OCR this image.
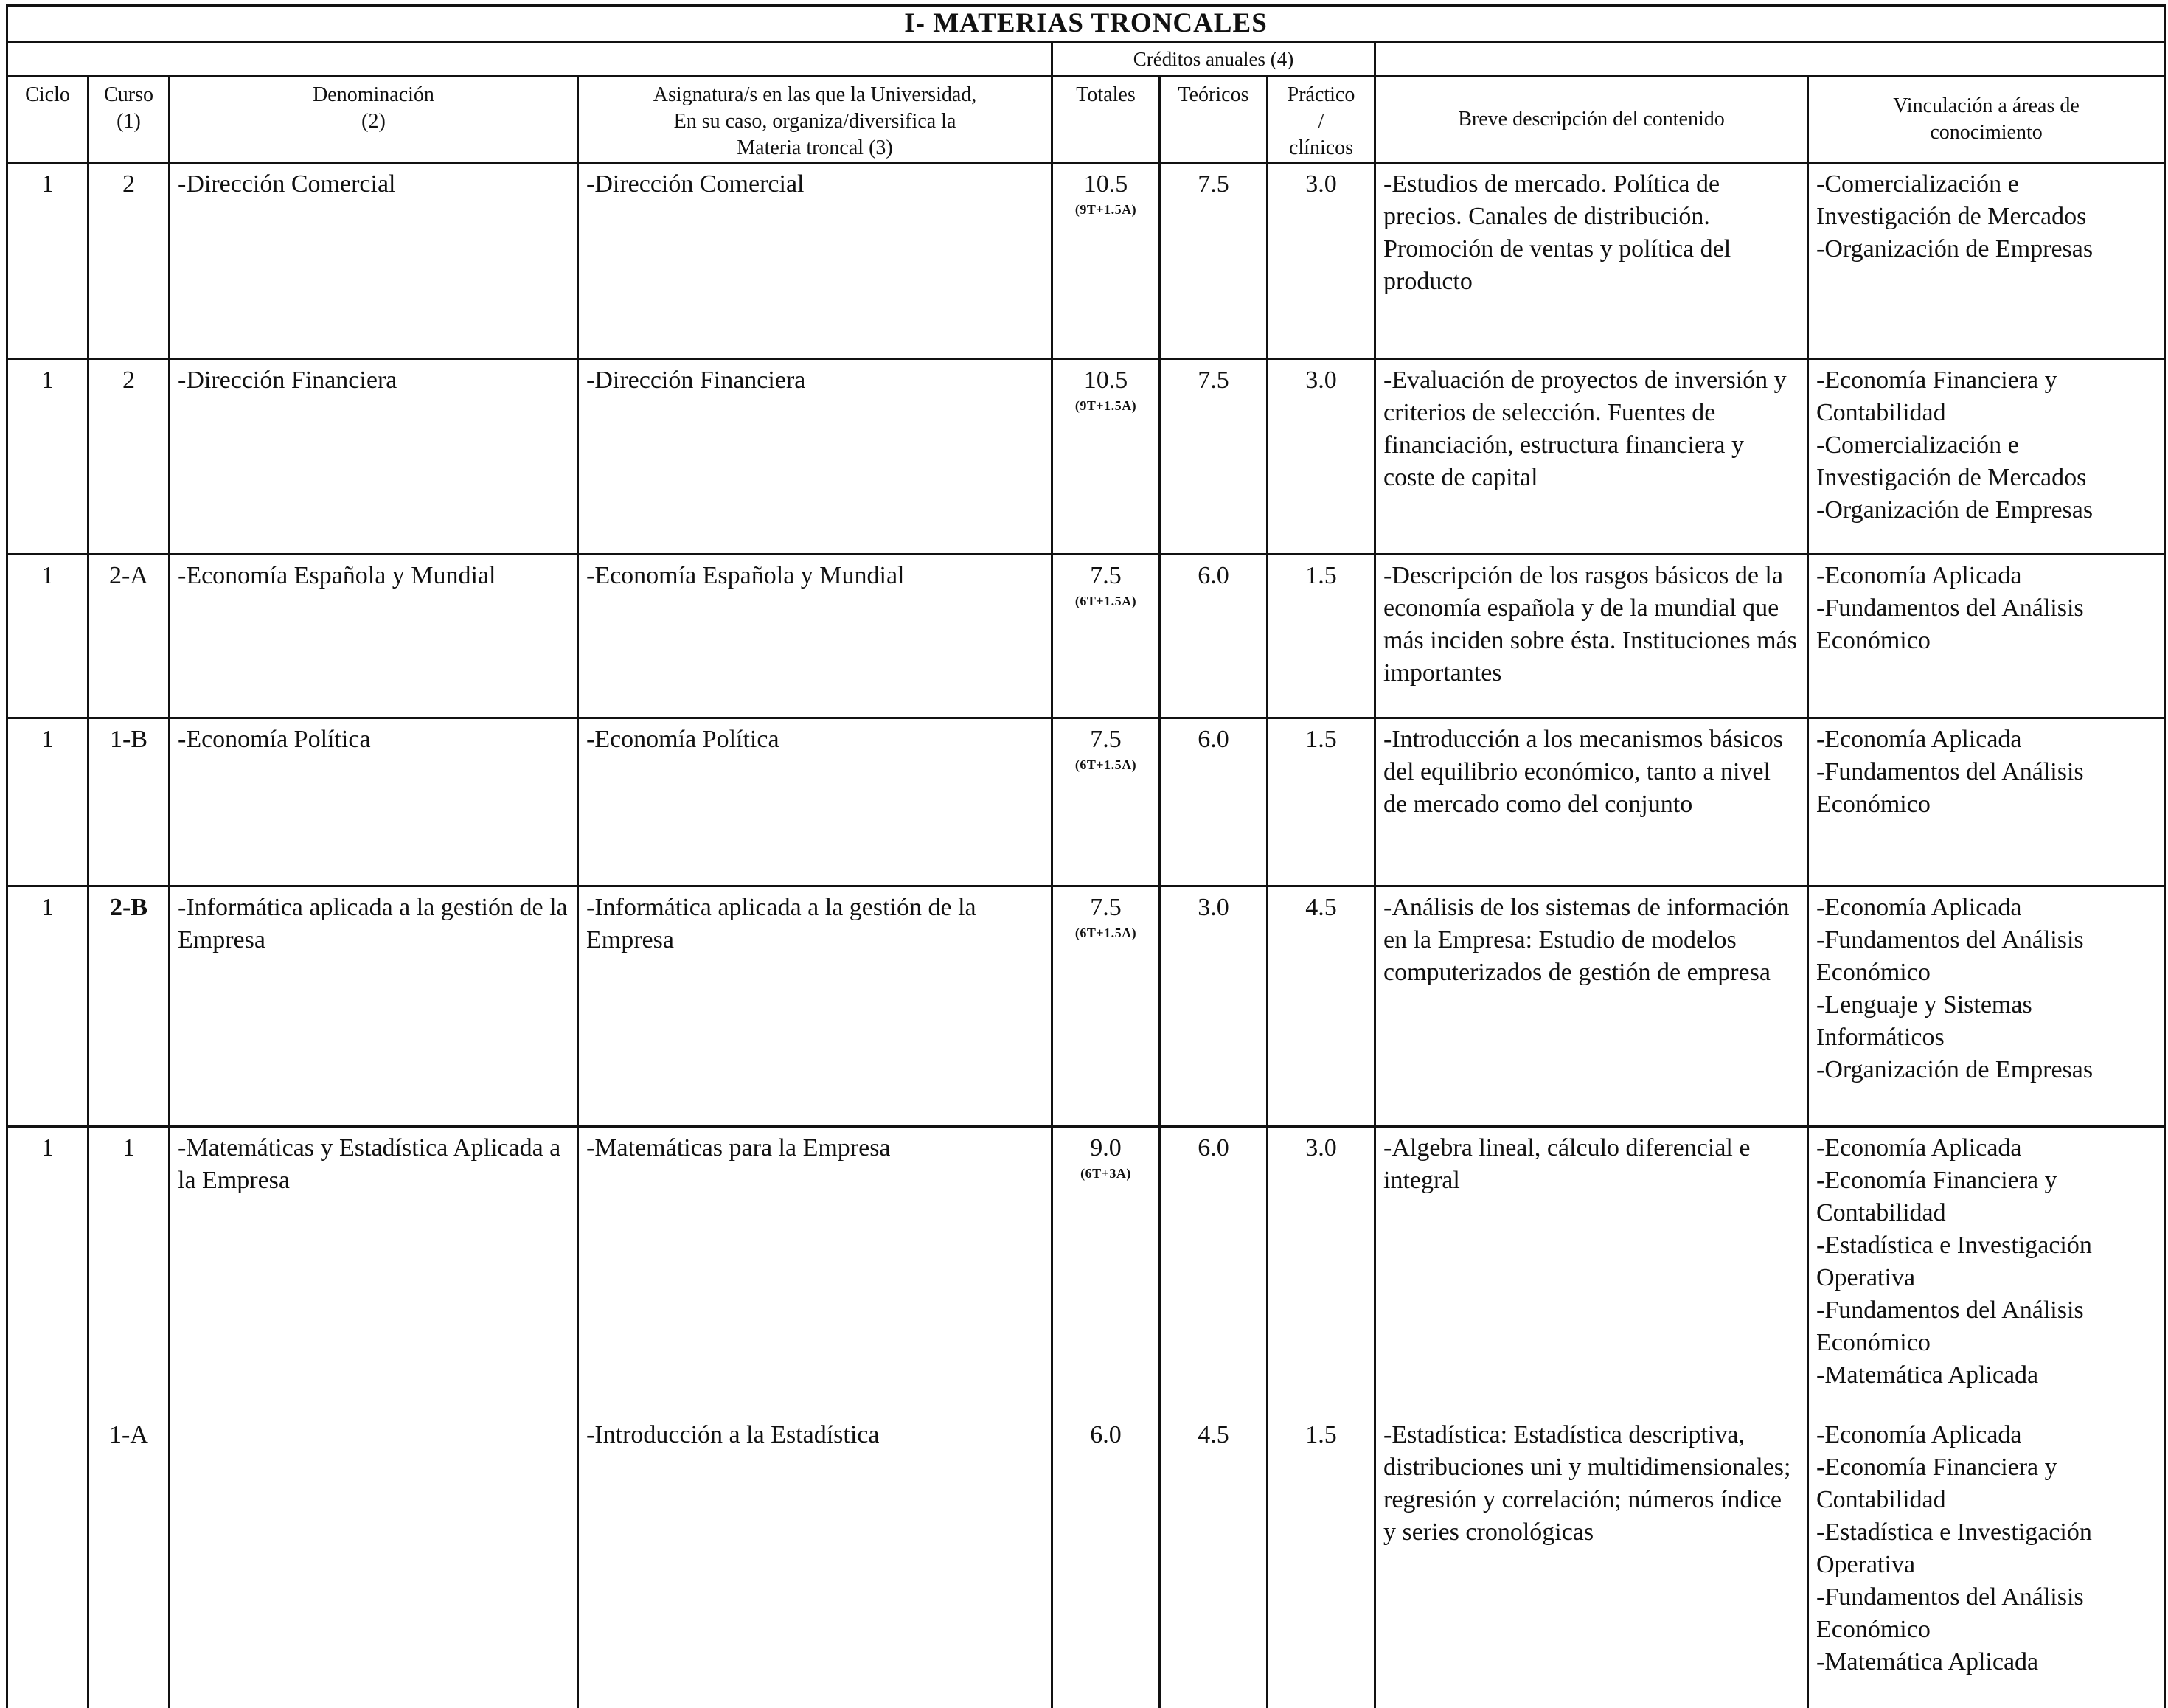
I- MATERIAS TRONCALES								
				Créditos anuales (4)				
Ciclo	Curso
(1)	Denominación
(2)	Asignatura/s en las que la Universidad,
En su caso, organiza/diversifica la
Materia troncal (3)	Totales	Teóricos	Práctico
/
clínicos	Breve descripción del contenido	Vinculación a áreas de
conocimiento

1	2	-Dirección Comercial	-Dirección Comercial	10.5
(9T+1.5A)	7.5	3.0	-Estudios de mercado. Política de precios. Canales de distribución. Promoción de ventas y política del producto	-Comercialización e Investigación de Mercados
-Organización de Empresas

1	2	-Dirección Financiera	-Dirección Financiera	10.5
(9T+1.5A)	7.5	3.0	-Evaluación de proyectos de inversión y criterios de selección. Fuentes de financiación, estructura financiera y coste de capital	-Economía Financiera y Contabilidad
-Comercialización e Investigación de Mercados
-Organización de Empresas

1	2-A	-Economía Española y Mundial	-Economía Española y Mundial	7.5
(6T+1.5A)	6.0	1.5	-Descripción de los rasgos básicos de la economía española y de la mundial que más inciden sobre ésta. Instituciones más importantes	-Economía Aplicada
-Fundamentos del Análisis Económico

1	1-B	-Economía Política	-Economía Política	7.5
(6T+1.5A)	6.0	1.5	-Introducción a los mecanismos básicos del equilibrio económico, tanto a nivel de mercado como del conjunto	-Economía Aplicada
-Fundamentos del Análisis Económico

1	2-B	-Informática aplicada a la gestión de la Empresa	-Informática aplicada a la gestión de la Empresa	7.5
(6T+1.5A)	3.0	4.5	-Análisis de los sistemas de información en la Empresa: Estudio de modelos computerizados de gestión de empresa	-Economía Aplicada
-Fundamentos del Análisis Económico
-Lenguaje y Sistemas Informáticos
-Organización de Empresas

1	1	-Matemáticas y Estadística Aplicada a la Empresa	-Matemáticas para la Empresa	9.0
(6T+3A)	6.0	3.0	-Algebra lineal, cálculo diferencial e integral	-Economía Aplicada
-Economía Financiera y Contabilidad
-Estadística e Investigación Operativa
-Fundamentos del Análisis Económico
-Matemática Aplicada

	1-A		-Introducción a la Estadística	6.0	4.5	1.5	-Estadística: Estadística descriptiva, distribuciones uni y multidimensionales; regresión y correlación; números índice y series cronológicas	-Economía Aplicada
-Economía Financiera y Contabilidad
-Estadística e Investigación Operativa
-Fundamentos del Análisis Económico
-Matemática Aplicada
